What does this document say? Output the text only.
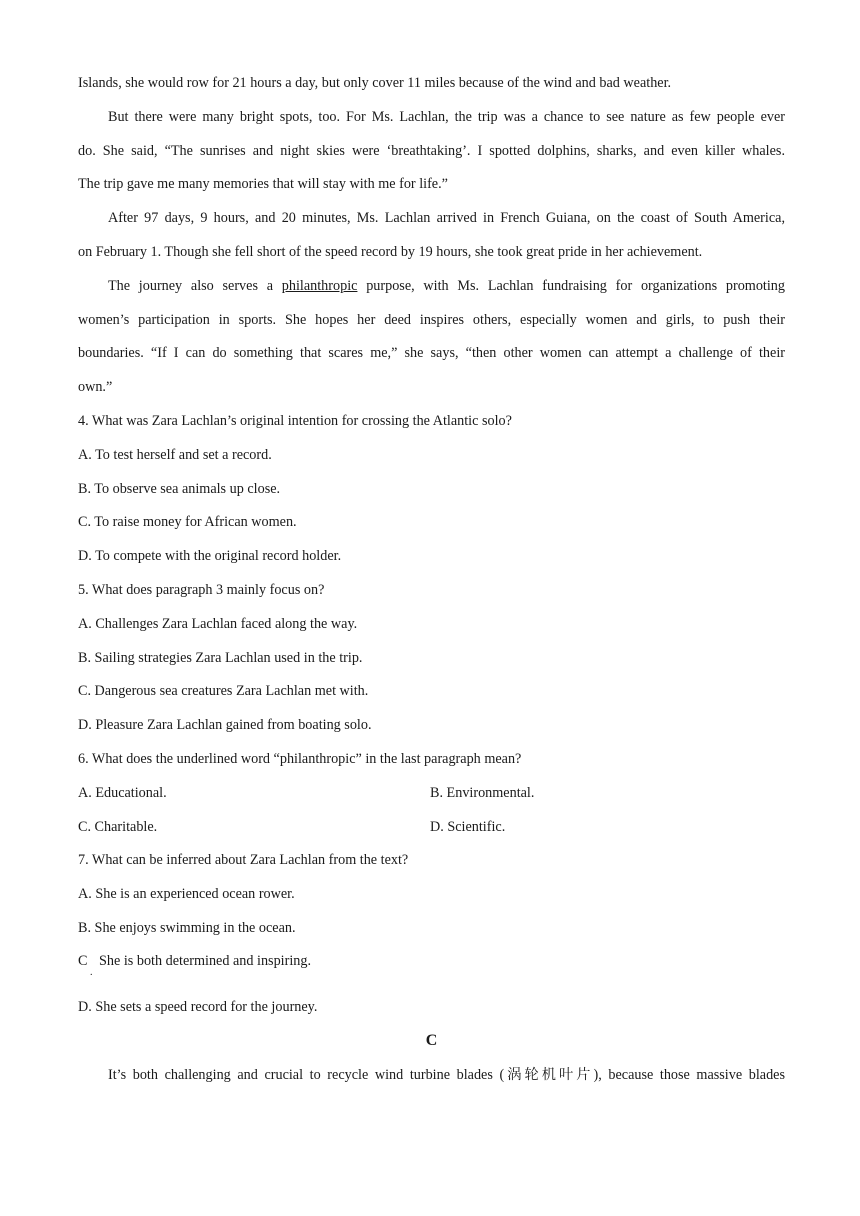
Islands, she would row for 21 hours a day, but only cover 11 miles because of the wind and bad weather.
But there were many bright spots, too. For Ms. Lachlan, the trip was a chance to see nature as few people ever
do. She said, “The sunrises and night skies were ‘breathtaking’. I spotted dolphins, sharks, and even killer whales.
The trip gave me many memories that will stay with me for life.”
After 97 days, 9 hours, and 20 minutes, Ms. Lachlan arrived in French Guiana, on the coast of South America,
on February 1. Though she fell short of the speed record by 19 hours, she took great pride in her achievement.
The journey also serves a philanthropic purpose, with Ms. Lachlan fundraising for organizations promoting
women’s participation in sports. She hopes her deed inspires others, especially women and girls, to push their
boundaries. “If I can do something that scares me,” she says, “then other women can attempt a challenge of their
own.”
4. What was Zara Lachlan’s original intention for crossing the Atlantic solo?
A. To test herself and set a record.
B. To observe sea animals up close.
C. To raise money for African women.
D. To compete with the original record holder.
5. What does paragraph 3 mainly focus on?
A. Challenges Zara Lachlan faced along the way.
B. Sailing strategies Zara Lachlan used in the trip.
C. Dangerous sea creatures Zara Lachlan met with.
D. Pleasure Zara Lachlan gained from boating solo.
6. What does the underlined word “philanthropic” in the last paragraph mean?
A. Educational.	B. Environmental.
C. Charitable.	D. Scientific.
7. What can be inferred about Zara Lachlan from the text?
A. She is an experienced ocean rower.
B. She enjoys swimming in the ocean.
C
.
She is both determined and inspiring.
D. She sets a speed record for the journey.
C
It’s both challenging and crucial to recycle wind turbine blades (涡轮机叶片), because those massive blades
